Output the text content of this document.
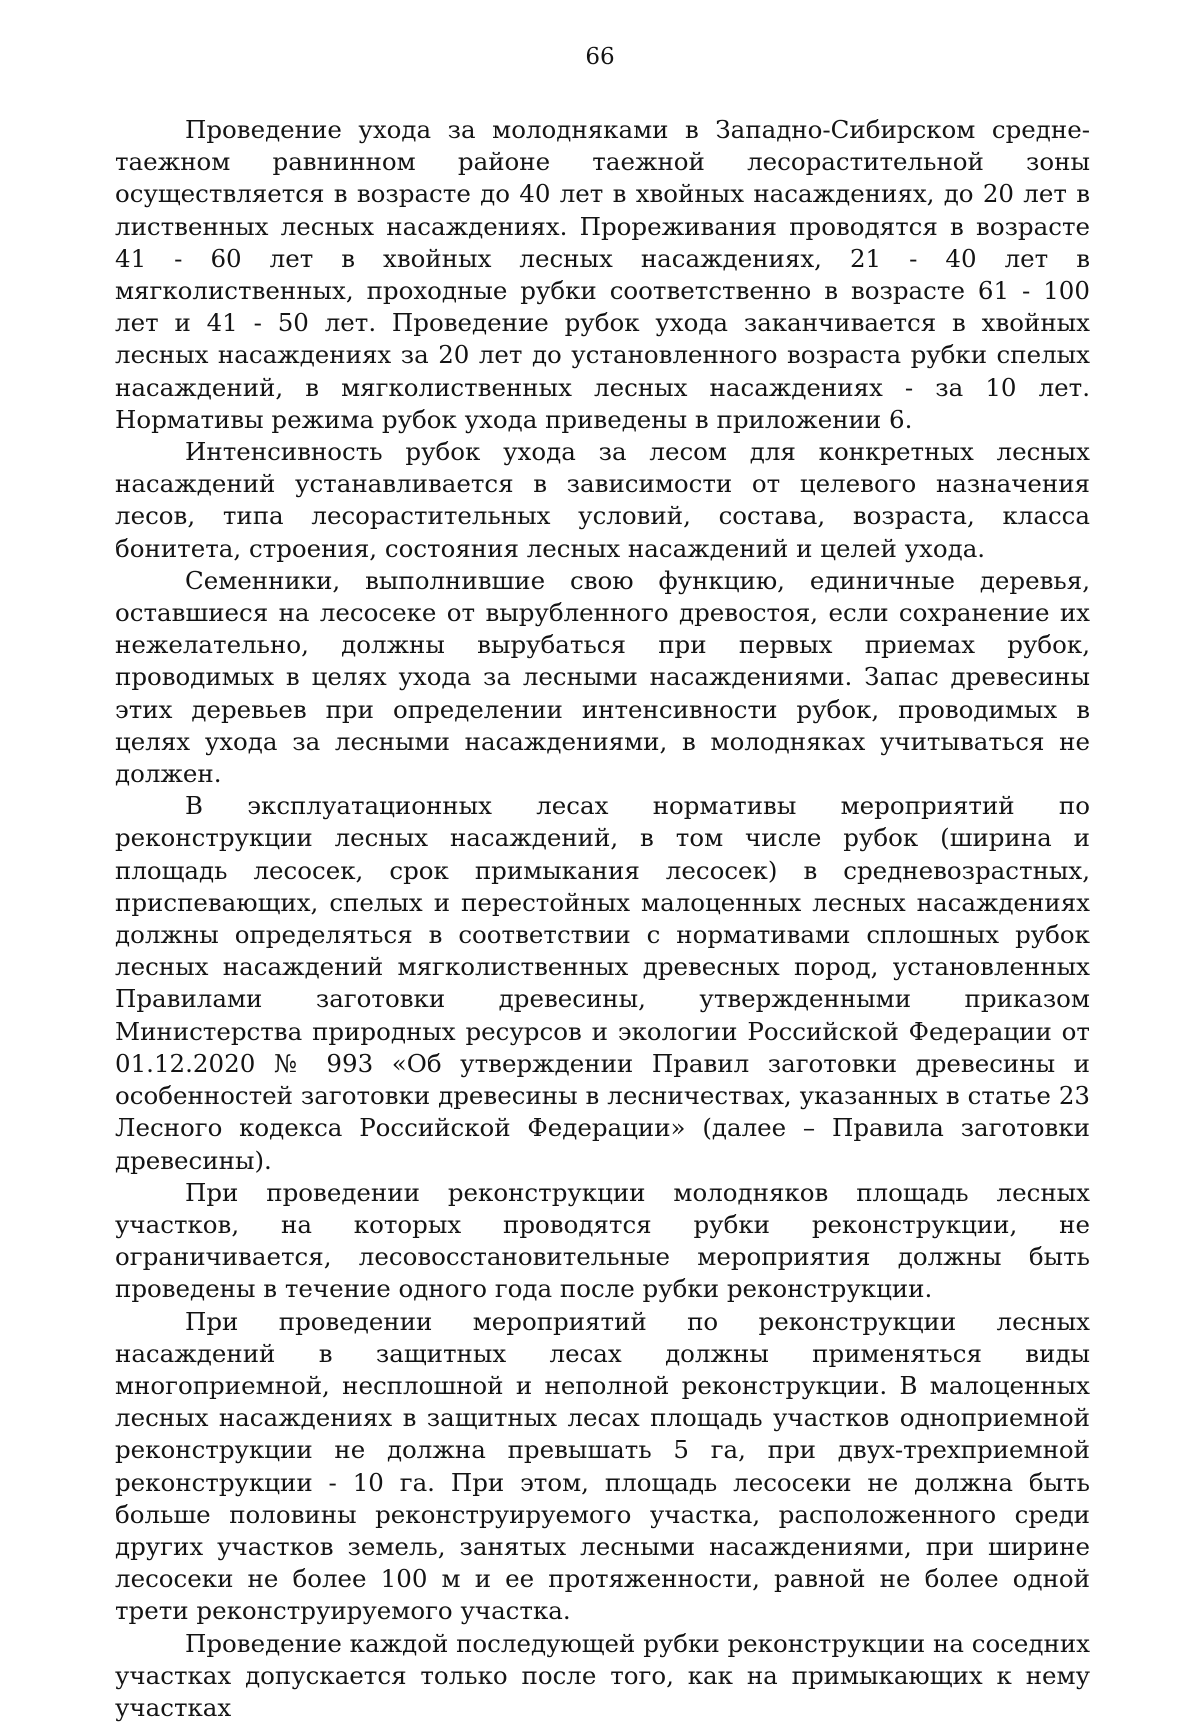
66

Проведение ухода за молодняками в Западно-Сибирском средне-таежном равнинном районе таежной лесорастительной зоны осуществляется в возрасте до 40 лет в хвойных насаждениях, до 20 лет в лиственных лесных насаждениях. Прореживания проводятся в возрасте 41 - 60 лет в хвойных лесных насаждениях, 21 - 40 лет в мягколиственных, проходные рубки соответственно в возрасте 61 - 100 лет и 41 - 50 лет. Проведение рубок ухода заканчивается в хвойных лесных насаждениях за 20 лет до установленного возраста рубки спелых насаждений, в мягколиственных лесных насаждениях - за 10 лет. Нормативы режима рубок ухода приведены в приложении 6.

Интенсивность рубок ухода за лесом для конкретных лесных насаждений устанавливается в зависимости от целевого назначения лесов, типа лесорастительных условий, состава, возраста, класса бонитета, строения, состояния лесных насаждений и целей ухода.

Семенники, выполнившие свою функцию, единичные деревья, оставшиеся на лесосеке от вырубленного древостоя, если сохранение их нежелательно, должны вырубаться при первых приемах рубок, проводимых в целях ухода за лесными насаждениями. Запас древесины этих деревьев при определении интенсивности рубок, проводимых в целях ухода за лесными насаждениями, в молодняках учитываться не должен.

В эксплуатационных лесах нормативы мероприятий по реконструкции лесных насаждений, в том числе рубок (ширина и площадь лесосек, срок примыкания лесосек) в средневозрастных, приспевающих, спелых и перестойных малоценных лесных насаждениях должны определяться в соответствии с нормативами сплошных рубок лесных насаждений мягколиственных древесных пород, установленных Правилами заготовки древесины, утвержденными приказом Министерства природных ресурсов и экологии Российской Федерации от 01.12.2020 № 993 «Об утверждении Правил заготовки древесины и особенностей заготовки древесины в лесничествах, указанных в статье 23 Лесного кодекса Российской Федерации» (далее – Правила заготовки древесины).

При проведении реконструкции молодняков площадь лесных участков, на которых проводятся рубки реконструкции, не ограничивается, лесовосстановительные мероприятия должны быть проведены в течение одного года после рубки реконструкции.

При проведении мероприятий по реконструкции лесных насаждений в защитных лесах должны применяться виды многоприемной, несплошной и неполной реконструкции. В малоценных лесных насаждениях в защитных лесах площадь участков одноприемной реконструкции не должна превышать 5 га, при двух-трехприемной реконструкции - 10 га. При этом, площадь лесосеки не должна быть больше половины реконструируемого участка, расположенного среди других участков земель, занятых лесными насаждениями, при ширине лесосеки не более 100 м и ее протяженности, равной не более одной трети реконструируемого участка.

Проведение каждой последующей рубки реконструкции на соседних участках допускается только после того, как на примыкающих к нему участках
